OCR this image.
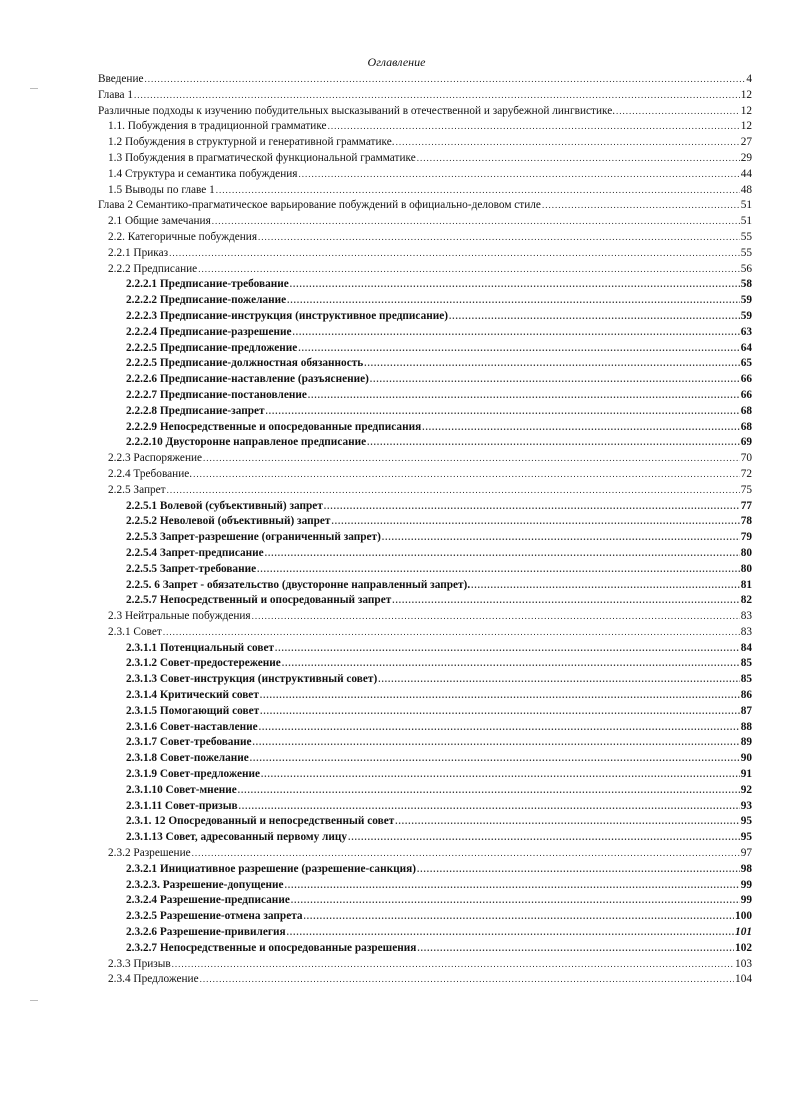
Оглавление
Введение .....	4
Глава 1 .....	12
Различные подходы к изучению побудительных высказываний в отечественной и зарубежной лингвистике. .....	12
1.1. Побуждения в традиционной грамматике .....	12
1.2 Побуждения в структурной и генеративной грамматике. .....	27
1.3 Побуждения в прагматической функциональной грамматике .....	29
1.4 Структура и семантика побуждения .....	44
1.5 Выводы по главе 1 .....	48
Глава 2 Семантико-прагматическое варьирование побуждений в официально-деловом стиле .....	51
2.1 Общие замечания .....	51
2.2. Категоричные побуждения .....	55
2.2.1 Приказ .....	55
2.2.2 Предписание .....	56
2.2.2.1 Предписание-требование .....	58
2.2.2.2 Предписание-пожелание .....	59
2.2.2.3 Предписание-инструкция (инструктивное предписание) .....	59
2.2.2.4 Предписание-разрешение .....	63
2.2.2.5 Предписание-предложение .....	64
2.2.2.5 Предписание-должностная обязанность .....	65
2.2.2.6 Предписание-наставление (разъяснение) .....	66
2.2.2.7 Предписание-постановление .....	66
2.2.2.8 Предписание-запрет .....	68
2.2.2.9 Непосредственные и опосредованные предписания .....	68
2.2.2.10 Двусторонне направленое предписание .....	69
2.2.3 Распоряжение .....	70
2.2.4 Требование. .....	72
2.2.5 Запрет .....	75
2.2.5.1 Волевой (субъективный) запрет .....	77
2.2.5.2 Неволевой (объективный) запрет .....	78
2.2.5.3 Запрет-разрешение (ограниченный запрет) .....	79
2.2.5.4 Запрет-предписание .....	80
2.2.5.5 Запрет-требование .....	80
2.2.5. 6 Запрет - обязательство (двусторонне направленный запрет). .....	81
2.2.5.7 Непосредственный и опосредованный запрет .....	82
2.3 Нейтральные побуждения .....	83
2.3.1 Совет .....	83
2.3.1.1 Потенциальный совет .....	84
2.3.1.2 Совет-предостережение .....	85
2.3.1.3 Совет-инструкция (инструктивный совет) .....	85
2.3.1.4 Критический совет .....	86
2.3.1.5 Помогающий совет .....	87
2.3.1.6 Совет-наставление .....	88
2.3.1.7 Совет-требование .....	89
2.3.1.8 Совет-пожелание .....	90
2.3.1.9 Совет-предложение .....	91
2.3.1.10 Совет-мнение .....	92
2.3.1.11 Совет-призыв .....	93
2.3.1. 12 Опосредованный и непосредственный совет .....	95
2.3.1.13 Совет, адресованный первому лицу .....	95
2.3.2 Разрешение .....	97
2.3.2.1 Инициативное разрешение (разрешение-санкция) .....	98
2.3.2.3. Разрешение-допущение .....	99
2.3.2.4 Разрешение-предписание .....	99
2.3.2.5 Разрешение-отмена запрета .....	100
2.3.2.6 Разрешение-привилегия .....	101
2.3.2.7 Непосредственные и опосредованные разрешения .....	102
2.3.3 Призыв .....	103
2.3.4 Предложение .....	104
